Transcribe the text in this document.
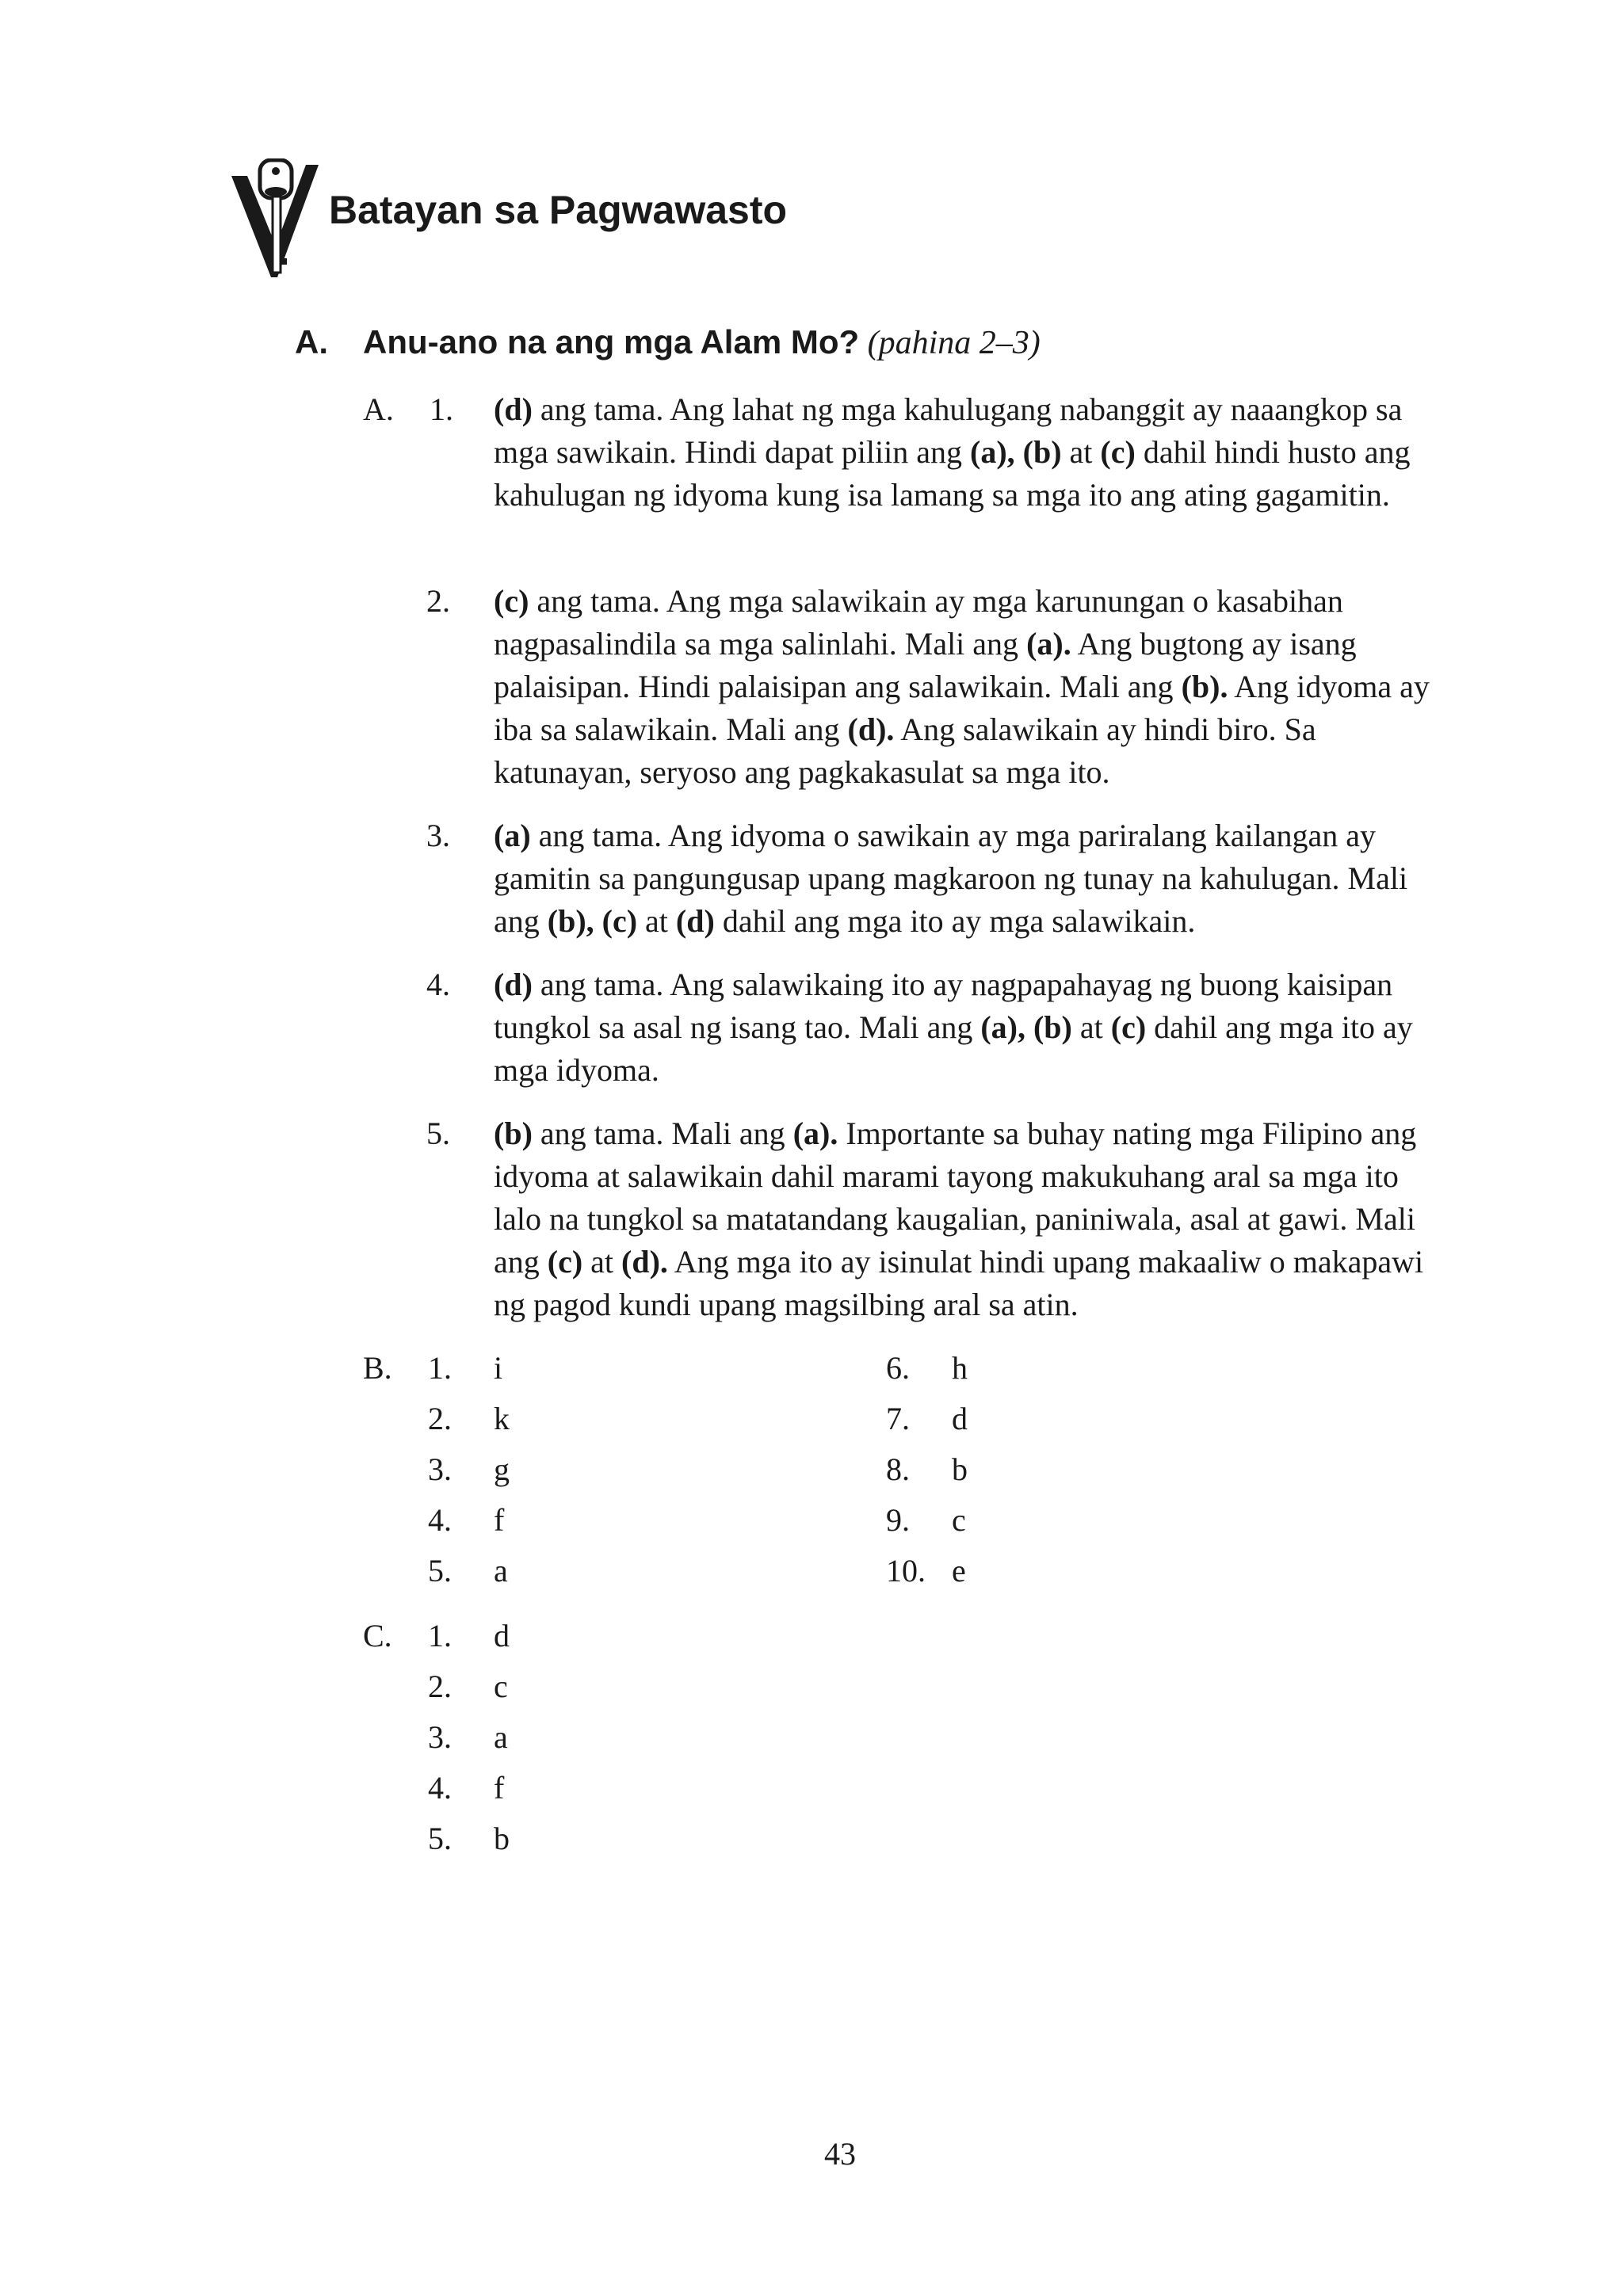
Batayan sa Pagwawasto
A. Anu-ano na ang mga Alam Mo? (pahina 2–3)
A. 1. (d) ang tama. Ang lahat ng mga kahulugang nabanggit ay naaangkop sa mga sawikain. Hindi dapat piliin ang (a), (b) at (c) dahil hindi husto ang kahulugan ng idyoma kung isa lamang sa mga ito ang ating gagamitin.
2. (c) ang tama. Ang mga salawikain ay mga karunungan o kasabihan nagpasalindila sa mga salinlahi. Mali ang (a). Ang bugtong ay isang palaisipan. Hindi palaisipan ang salawikain. Mali ang (b). Ang idyoma ay iba sa salawikain. Mali ang (d). Ang salawikain ay hindi biro. Sa katunayan, seryoso ang pagkakasulat sa mga ito.
3. (a) ang tama. Ang idyoma o sawikain ay mga pariralang kailangan ay gamitin sa pangungusap upang magkaroon ng tunay na kahulugan. Mali ang (b), (c) at (d) dahil ang mga ito ay mga salawikain.
4. (d) ang tama. Ang salawikaing ito ay nagpapahayag ng buong kaisipan tungkol sa asal ng isang tao. Mali ang (a), (b) at (c) dahil ang mga ito ay mga idyoma.
5. (b) ang tama. Mali ang (a). Importante sa buhay nating mga Filipino ang idyoma at salawikain dahil marami tayong makukuhang aral sa mga ito lalo na tungkol sa matatandang kaugalian, paniniwala, asal at gawi. Mali ang (c) at (d). Ang mga ito ay isinulat hindi upang makaaliw o makapawi ng pagod kundi upang magsilbing aral sa atin.
B. 1. i
2. k
3. g
4. f
5. a
6. h
7. d
8. b
9. c
10. e
C. 1. d
2. c
3. a
4. f
5. b
43
